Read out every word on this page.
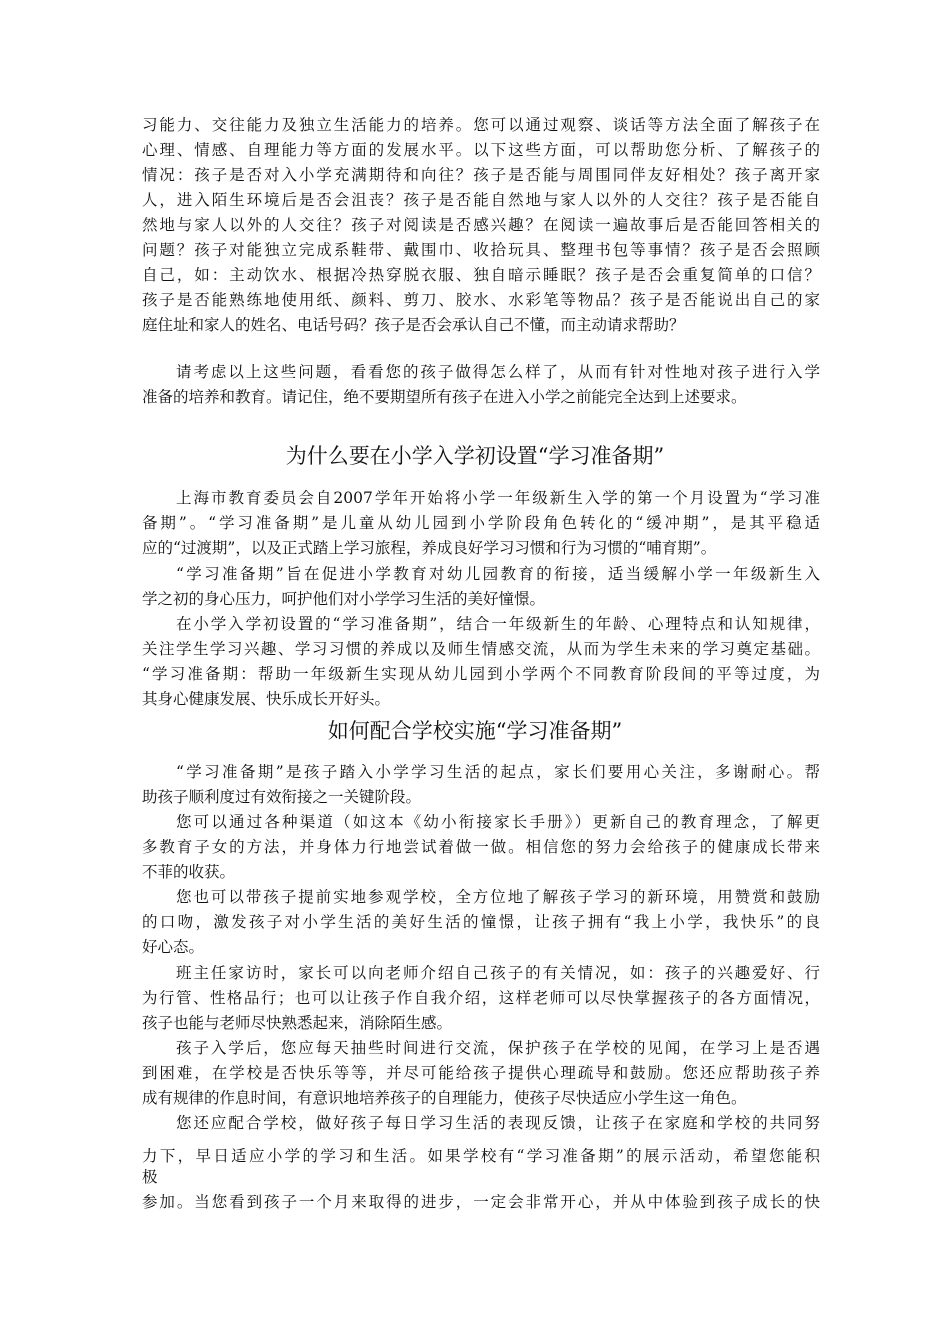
习能力、交往能力及独立生活能力的培养。您可以通过观察、谈话等方法全面了解孩子在
心理、情感、自理能力等方面的发展水平。以下这些方面，可以帮助您分析、了解孩子的
情况：孩子是否对入小学充满期待和向往？孩子是否能与周围同伴友好相处？孩子离开家
人，进入陌生环境后是否会沮丧？孩子是否能自然地与家人以外的人交往？孩子是否能自
然地与家人以外的人交往？孩子对阅读是否感兴趣？在阅读一遍故事后是否能回答相关的
问题？孩子对能独立完成系鞋带、戴围巾、收拾玩具、整理书包等事情？孩子是否会照顾
自己，如：主动饮水、根据冷热穿脱衣服、独自暗示睡眠？孩子是否会重复简单的口信？
孩子是否能熟练地使用纸、颜料、剪刀、胶水、水彩笔等物品？孩子是否能说出自己的家
庭住址和家人的姓名、电话号码？孩子是否会承认自己不懂，而主动请求帮助？
请考虑以上这些问题，看看您的孩子做得怎么样了，从而有针对性地对孩子进行入学
准备的培养和教育。请记住，绝不要期望所有孩子在进入小学之前能完全达到上述要求。
为什么要在小学入学初设置“学习准备期”
上海市教育委员会自2007学年开始将小学一年级新生入学的第一个月设置为“学习准
备期”。“学习准备期”是儿童从幼儿园到小学阶段角色转化的“缓冲期”，是其平稳适
应的“过渡期”，以及正式踏上学习旅程，养成良好学习习惯和行为习惯的“哺育期”。
“学习准备期”旨在促进小学教育对幼儿园教育的衔接，适当缓解小学一年级新生入
学之初的身心压力，呵护他们对小学学习生活的美好憧憬。
在小学入学初设置的“学习准备期”，结合一年级新生的年龄、心理特点和认知规律，
关注学生学习兴趣、学习习惯的养成以及师生情感交流，从而为学生未来的学习奠定基础。
“学习准备期：帮助一年级新生实现从幼儿园到小学两个不同教育阶段间的平等过度，为
其身心健康发展、快乐成长开好头。
如何配合学校实施“学习准备期”
“学习准备期”是孩子踏入小学学习生活的起点，家长们要用心关注，多谢耐心。帮
助孩子顺利度过有效衔接之一关键阶段。
您可以通过各种渠道（如这本《幼小衔接家长手册》）更新自己的教育理念，了解更
多教育子女的方法，并身体力行地尝试着做一做。相信您的努力会给孩子的健康成长带来
不菲的收获。
您也可以带孩子提前实地参观学校，全方位地了解孩子学习的新环境，用赞赏和鼓励
的口吻，激发孩子对小学生活的美好生活的憧憬，让孩子拥有“我上小学，我快乐”的良
好心态。
班主任家访时，家长可以向老师介绍自己孩子的有关情况，如：孩子的兴趣爱好、行
为行管、性格品行；也可以让孩子作自我介绍，这样老师可以尽快掌握孩子的各方面情况，
孩子也能与老师尽快熟悉起来，消除陌生感。
孩子入学后，您应每天抽些时间进行交流，保护孩子在学校的见闻，在学习上是否遇
到困难，在学校是否快乐等等，并尽可能给孩子提供心理疏导和鼓励。您还应帮助孩子养
成有规律的作息时间，有意识地培养孩子的自理能力，使孩子尽快适应小学生这一角色。
您还应配合学校，做好孩子每日学习生活的表现反馈，让孩子在家庭和学校的共同努
力下，早日适应小学的学习和生活。如果学校有“学习准备期”的展示活动，希望您能积
极
参加。当您看到孩子一个月来取得的进步，一定会非常开心，并从中体验到孩子成长的快
